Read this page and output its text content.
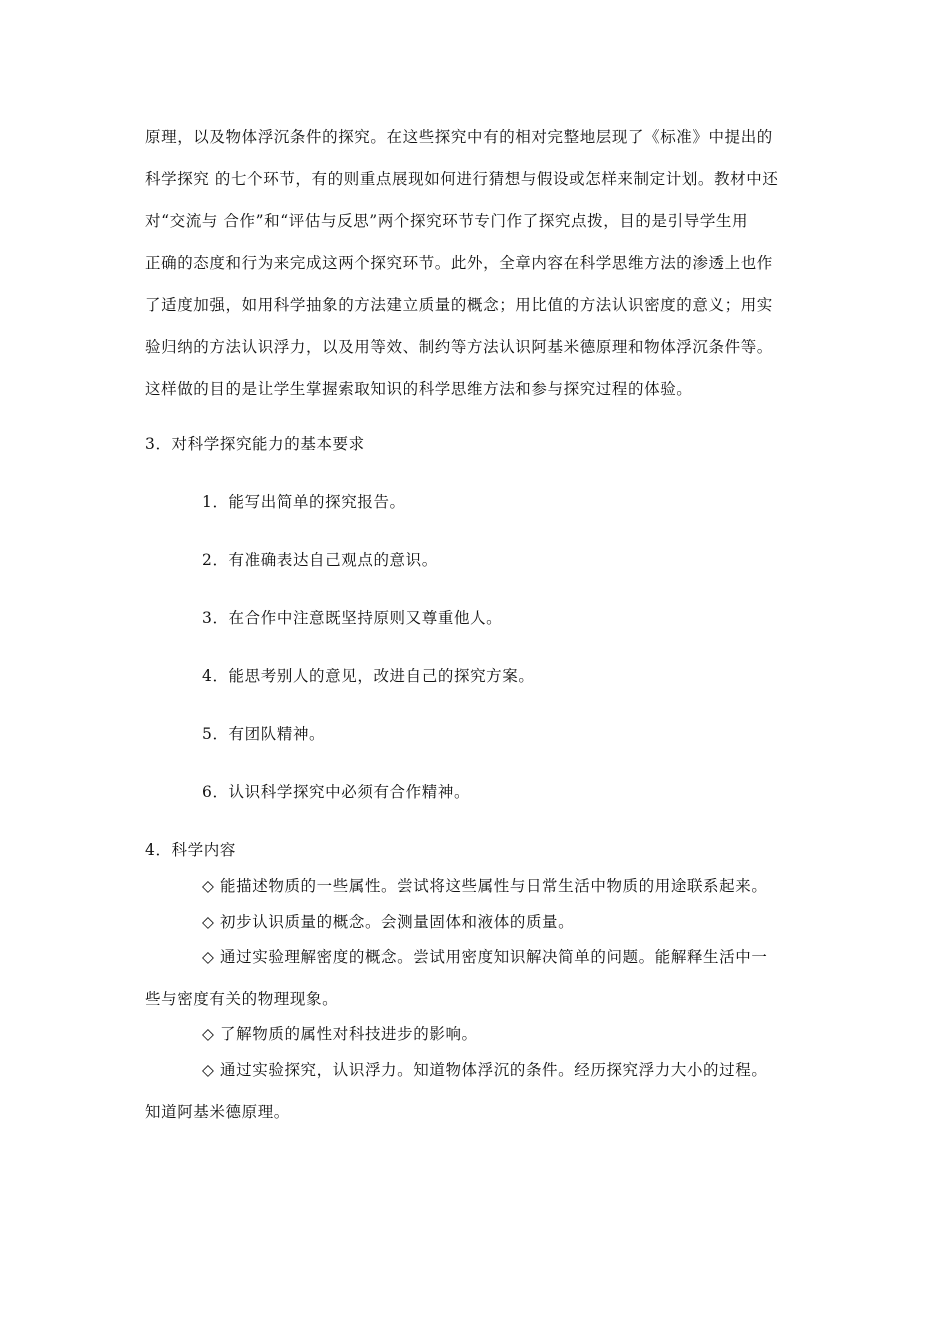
原理，以及物体浮沉条件的探究。在这些探究中有的相对完整地层现了《标准》中提出的
科学探究 的七个环节，有的则重点展现如何进行猜想与假设或怎样来制定计划。教材中还
对“交流与 合作”和“评估与反思”两个探究环节专门作了探究点拨，目的是引导学生用
正确的态度和行为来完成这两个探究环节。此外，全章内容在科学思维方法的渗透上也作
了适度加强，如用科学抽象的方法建立质量的概念；用比值的方法认识密度的意义；用实
验归纳的方法认识浮力，以及用等效、制约等方法认识阿基米德原理和物体浮沉条件等。
这样做的目的是让学生掌握索取知识的科学思维方法和参与探究过程的体验。
3．对科学探究能力的基本要求
1．能写出简单的探究报告。
2．有准确表达自己观点的意识。
3．在合作中注意既坚持原则又尊重他人。
4．能思考别人的意见，改进自己的探究方案。
5．有团队精神。
6．认识科学探究中必须有合作精神。
4．科学内容
◇ 能描述物质的一些属性。尝试将这些属性与日常生活中物质的用途联系起来。
◇ 初步认识质量的概念。会测量固体和液体的质量。
◇ 通过实验理解密度的概念。尝试用密度知识解决简单的问题。能解释生活中一
些与密度有关的物理现象。
◇ 了解物质的属性对科技进步的影响。
◇ 通过实验探究，认识浮力。知道物体浮沉的条件。经历探究浮力大小的过程。
知道阿基米德原理。
